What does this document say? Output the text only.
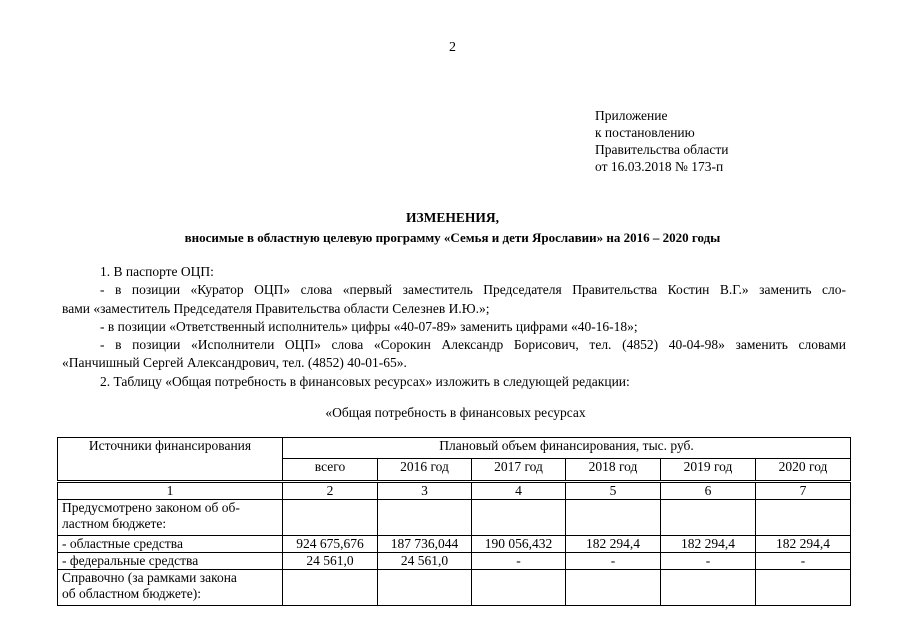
2
Приложение
к постановлению
Правительства области
от 16.03.2018 № 173-п
ИЗМЕНЕНИЯ,
вносимые в областную целевую программу «Семья и дети Ярославии» на 2016 – 2020 годы

1. В паспорте ОЦП:

- в позиции «Куратор ОЦП» слова «первый заместитель Председателя Правительства Костин В.Г.» заменить сло-

вами «заместитель Председателя Правительства области Селезнев И.Ю.»;

- в позиции «Ответственный исполнитель» цифры «40-07-89» заменить цифрами «40-16-18»;

- в позиции «Исполнители ОЦП» слова «Сорокин Александр Борисович, тел. (4852) 40-04-98» заменить словами

«Панчишный Сергей Александрович, тел. (4852) 40-01-65».

2. Таблицу «Общая потребность в финансовых ресурсах» изложить в следующей редакции:

«Общая потребность в финансовых ресурсах
Источники финансирования	Плановый объем финансирования, тыс. руб.					
	всего	2016 год	2017 год	2018 год	2019 год	2020 год
1	2	3	4	5	6	7

Предусмотрено законом об об-
ластном бюджете:						

- областные средства	924 675,676	187 736,044	190 056,432	182 294,4	182 294,4	182 294,4
- федеральные средства	24 561,0	24 561,0	-	-	-	-

Справочно (за рамками закона
об областном бюджете):						
